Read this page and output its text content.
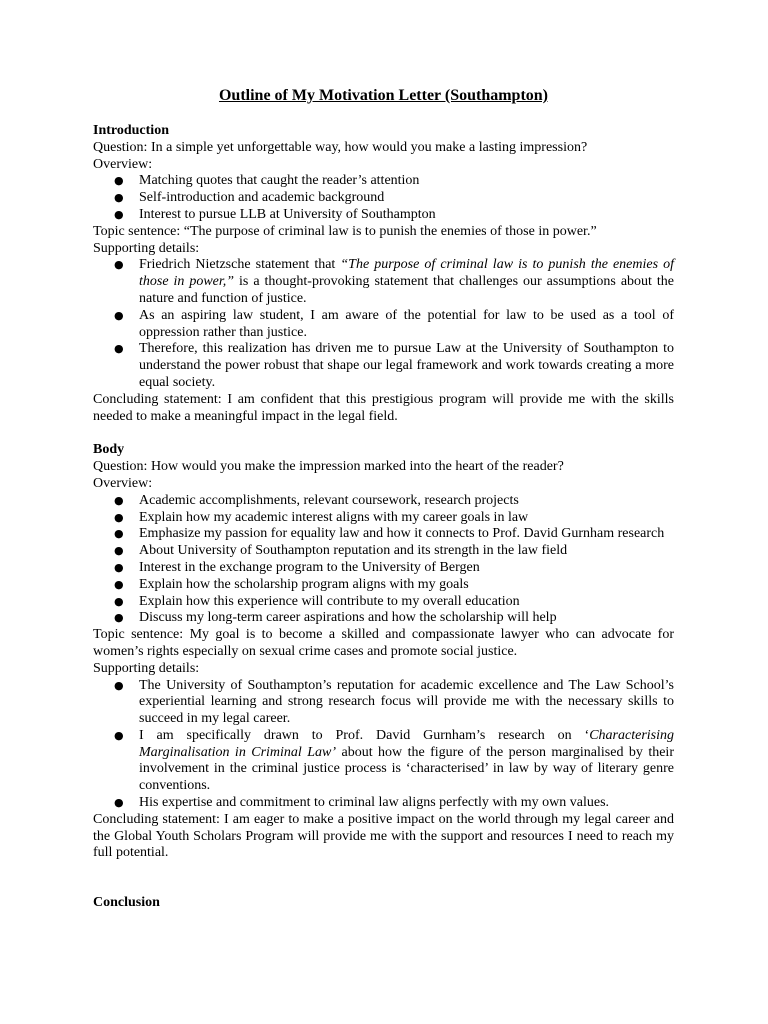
Outline of My Motivation Letter (Southampton)

Introduction

Question: In a simple yet unforgettable way, how would you make a lasting impression?

Overview:

● Matching quotes that caught the reader’s attention
● Self-introduction and academic background
● Interest to pursue LLB at University of Southampton

Topic sentence: “The purpose of criminal law is to punish the enemies of those in power.”

Supporting details:

● Friedrich Nietzsche statement that “The purpose of criminal law is to punish the enemies of those in power,” is a thought-provoking statement that challenges our assumptions about the nature and function of justice.
● As an aspiring law student, I am aware of the potential for law to be used as a tool of oppression rather than justice.
● Therefore, this realization has driven me to pursue Law at the University of Southampton to understand the power robust that shape our legal framework and work towards creating a more equal society.

Concluding statement: I am confident that this prestigious program will provide me with the skills needed to make a meaningful impact in the legal field.

Body

Question: How would you make the impression marked into the heart of the reader?

Overview:

● Academic accomplishments, relevant coursework, research projects
● Explain how my academic interest aligns with my career goals in law
● Emphasize my passion for equality law and how it connects to Prof. David Gurnham research
● About University of Southampton reputation and its strength in the law field
● Interest in the exchange program to the University of Bergen
● Explain how the scholarship program aligns with my goals
● Explain how this experience will contribute to my overall education
● Discuss my long-term career aspirations and how the scholarship will help

Topic sentence: My goal is to become a skilled and compassionate lawyer who can advocate for women’s rights especially on sexual crime cases and promote social justice.

Supporting details:

● The University of Southampton’s reputation for academic excellence and The Law School’s experiential learning and strong research focus will provide me with the necessary skills to succeed in my legal career.
● I am specifically drawn to Prof. David Gurnham’s research on ‘Characterising Marginalisation in Criminal Law’ about how the figure of the person marginalised by their involvement in the criminal justice process is ‘characterised’ in law by way of literary genre conventions.
● His expertise and commitment to criminal law aligns perfectly with my own values.

Concluding statement: I am eager to make a positive impact on the world through my legal career and the Global Youth Scholars Program will provide me with the support and resources I need to reach my full potential.

Conclusion
